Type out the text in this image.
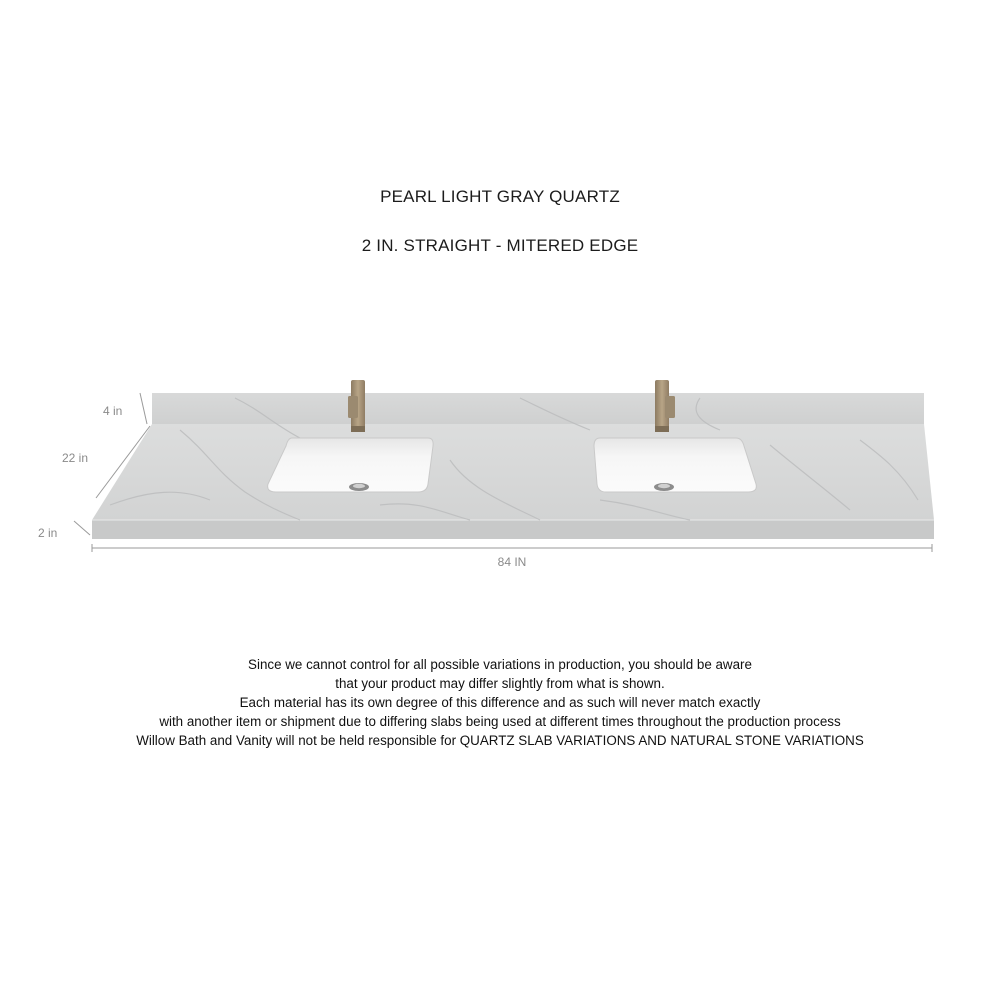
PEARL LIGHT GRAY QUARTZ
2 IN. STRAIGHT - MITERED EDGE
4 in
22 in
2 in
84 IN
Since we cannot control for all possible variations in production, you should be aware
that your product may differ slightly from what is shown.
Each material has its own degree of this difference and as such will never match exactly
with another item or shipment due to differing slabs being used at different times throughout the production process
Willow Bath and Vanity will not be held responsible for QUARTZ SLAB VARIATIONS AND NATURAL STONE VARIATIONS
